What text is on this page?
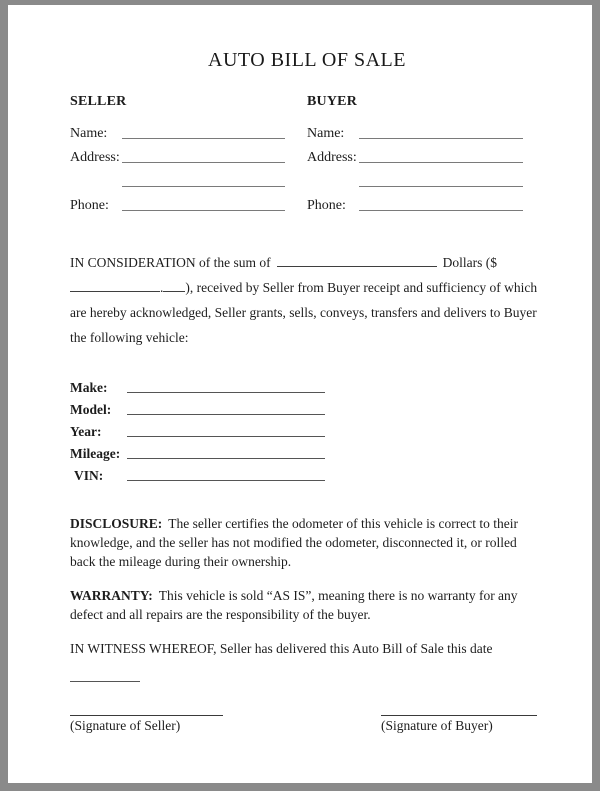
AUTO BILL OF SALE
SELLER
Name:
Address:
Phone:
BUYER
Name:
Address:
Phone:

IN CONSIDERATION of the sum of	Dollars ($ . ), received by Seller from Buyer receipt and sufficiency of which are hereby acknowledged, Seller grants, sells, conveys, transfers and delivers to Buyer the following vehicle:

Make:
Model:
Year:
Mileage:
VIN:

DISCLOSURE: The seller certifies the odometer of this vehicle is correct to their knowledge, and the seller has not modified the odometer, disconnected it, or rolled back the mileage during their ownership.

WARRANTY: This vehicle is sold “AS IS”, meaning there is no warranty for any defect and all repairs are the responsibility of the buyer.

IN WITNESS WHEREOF, Seller has delivered this Auto Bill of Sale this date

(Signature of Seller)	(Signature of Buyer)
